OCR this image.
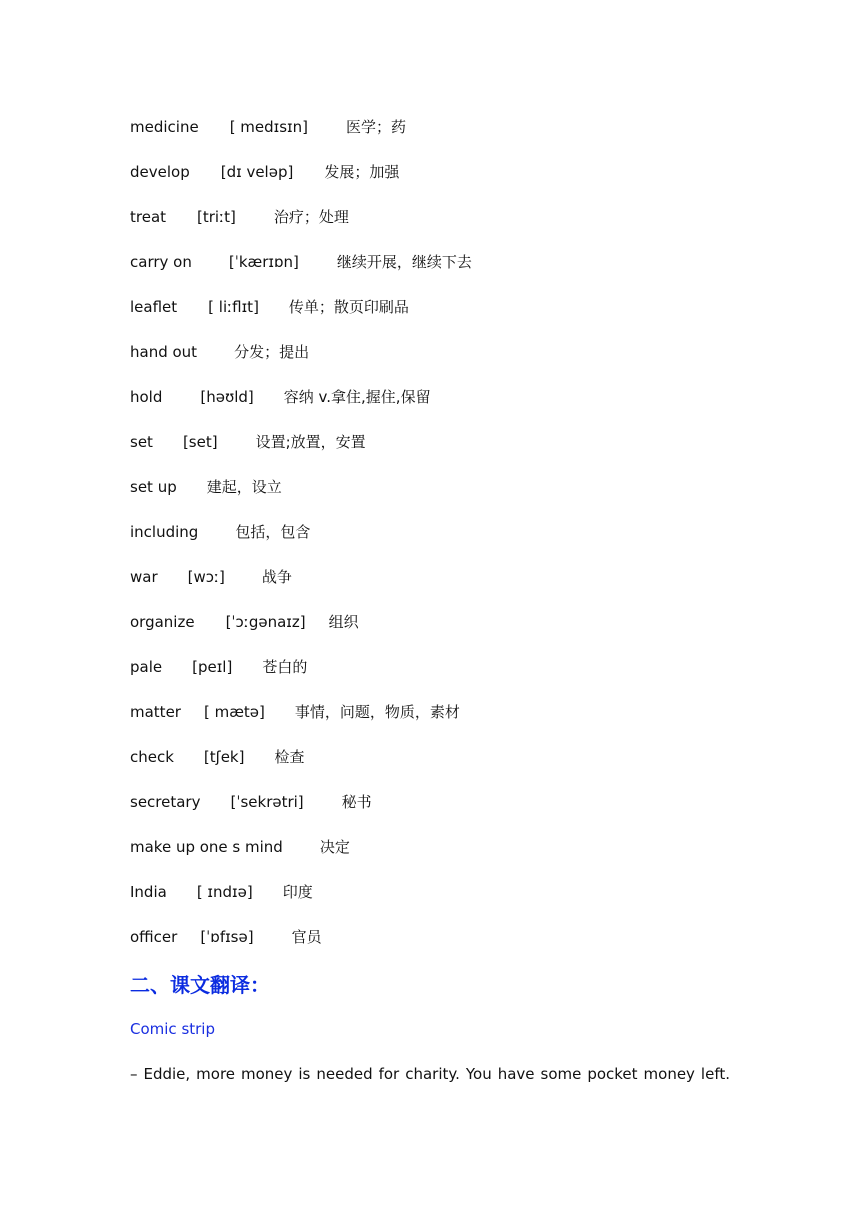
medicine [ medɪsɪn]	医学；药
develop [dɪ veləp] 发展；加强
treat [triːt]	治疗；处理
carry on [ˈkærɪɒn]	继续开展，继续下去
leaflet [ liːflɪt] 传单；散页印刷品
hand out 分发；提出
hold	[həʊld] 容纳 v.拿住,握住,保留
set [set]	设置;放置，安置
set up 建起，设立
including 包括，包含
war [wɔː] 战争
organize [ˈɔːgənaɪz] 组织
pale [peɪl] 苍白的
matter [ mætə] 事情，问题，物质，素材
check [tʃek] 检查
secretary [ˈsekrətri]	秘书
make up one s mind 决定
India [ ɪndɪə] 印度
officer [ˈɒfɪsə]	官员
二、课文翻译：
Comic strip
– Eddie, more money is needed for charity. You have some pocket money left.
